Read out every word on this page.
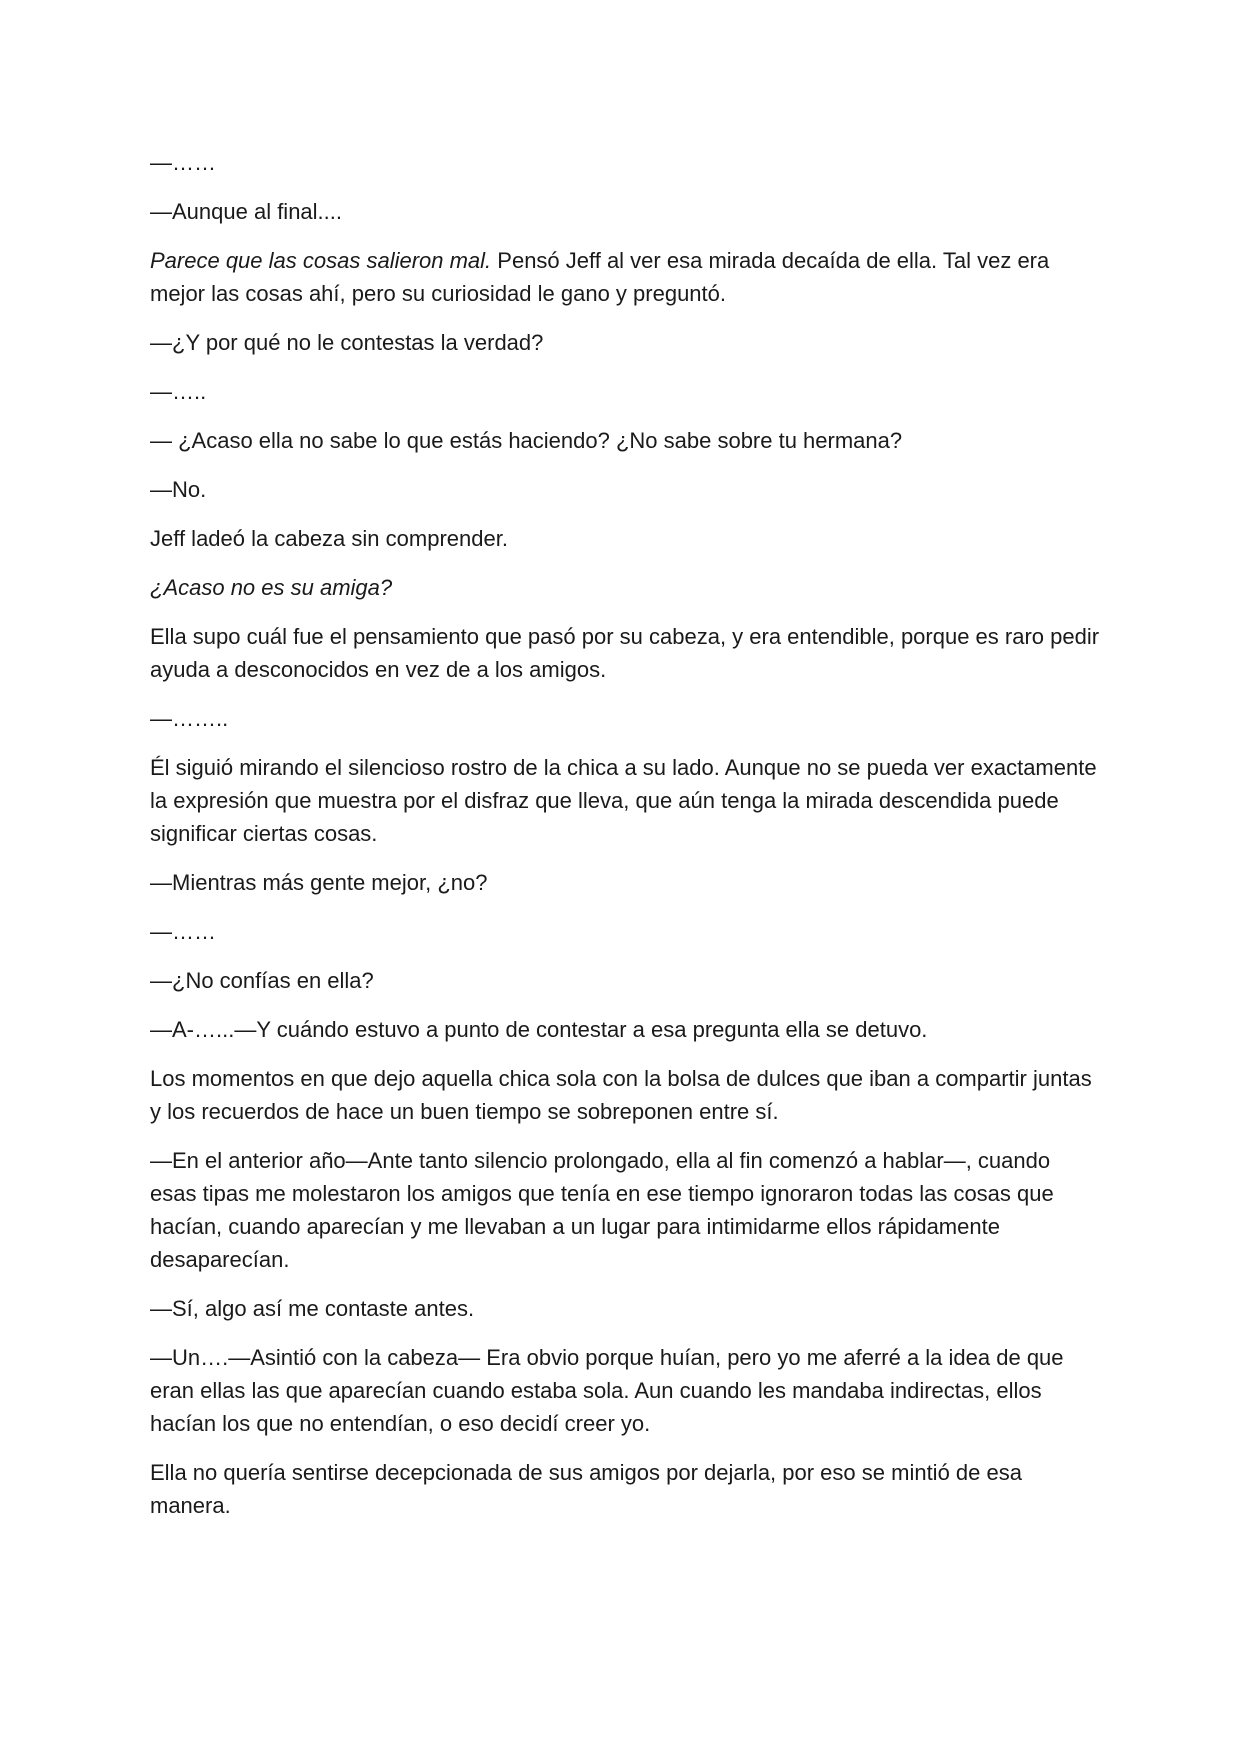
—……

—Aunque al final....

Parece que las cosas salieron mal. Pensó Jeff al ver esa mirada decaída de ella. Tal vez era mejor las cosas ahí, pero su curiosidad le gano y preguntó.

—¿Y por qué no le contestas la verdad?

—…..

— ¿Acaso ella no sabe lo que estás haciendo? ¿No sabe sobre tu hermana?

—No.

Jeff ladeó la cabeza sin comprender.

¿Acaso no es su amiga?

Ella supo cuál fue el pensamiento que pasó por su cabeza, y era entendible, porque es raro pedir ayuda a desconocidos en vez de a los amigos.

—……..

Él siguió mirando el silencioso rostro de la chica a su lado. Aunque no se pueda ver exactamente la expresión que muestra por el disfraz que lleva, que aún tenga la mirada descendida puede significar ciertas cosas.

—Mientras más gente mejor, ¿no?

—……

—¿No confías en ella?

—A-…...—Y cuándo estuvo a punto de contestar a esa pregunta ella se detuvo.

Los momentos en que dejo aquella chica sola con la bolsa de dulces que iban a compartir juntas y los recuerdos de hace un buen tiempo se sobreponen entre sí.

—En el anterior año—Ante tanto silencio prolongado, ella al fin comenzó a hablar—, cuando esas tipas me molestaron los amigos que tenía en ese tiempo ignoraron todas las cosas que hacían, cuando aparecían y me llevaban a un lugar para intimidarme ellos rápidamente desaparecían.

—Sí, algo así me contaste antes.

—Un….—Asintió con la cabeza— Era obvio porque huían, pero yo me aferré a la idea de que eran ellas las que aparecían cuando estaba sola. Aun cuando les mandaba indirectas, ellos hacían los que no entendían, o eso decidí creer yo.

Ella no quería sentirse decepcionada de sus amigos por dejarla, por eso se mintió de esa manera.
